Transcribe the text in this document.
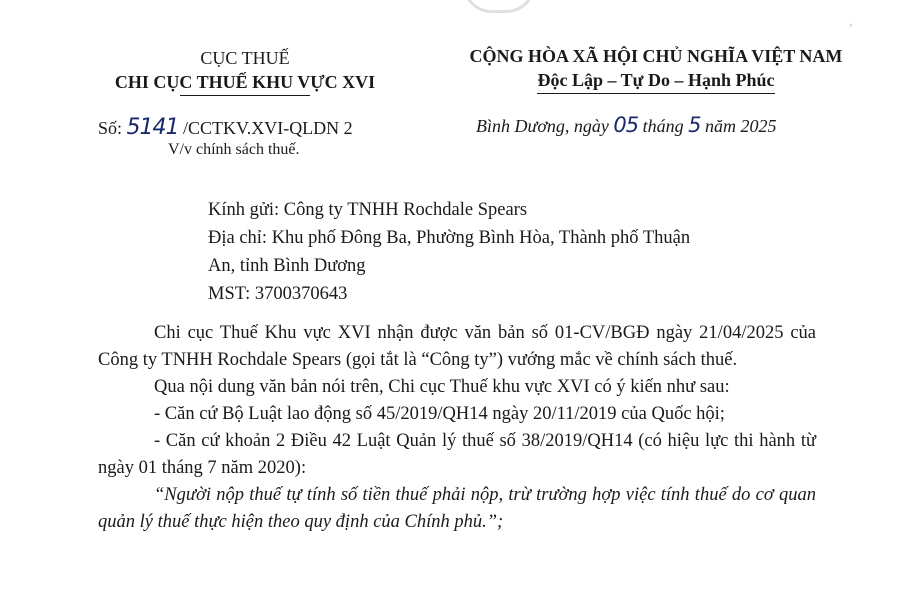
‚
CỤC THUẾ
CHI CỤC THUẾ KHU VỰC XVI
CỘNG HÒA XÃ HỘI CHỦ NGHĨA VIỆT NAM
Độc Lập – Tự Do – Hạnh Phúc
Số: 5141 /CCTKV.XVI-QLDN 2
V/v chính sách thuế.
Bình Dương, ngày 05 tháng 5 năm 2025
Kính gửi: Công ty TNHH Rochdale Spears
Địa chỉ: Khu phố Đông Ba, Phường Bình Hòa, Thành phố Thuận
An, tỉnh Bình Dương
MST: 3700370643

Chi cục Thuế Khu vực XVI nhận được văn bản số 01-CV/BGĐ ngày 21/04/2025 của Công ty TNHH Rochdale Spears (gọi tắt là “Công ty”) vướng mắc về chính sách thuế.

Qua nội dung văn bản nói trên, Chi cục Thuế khu vực XVI có ý kiến như sau:

- Căn cứ Bộ Luật lao động số 45/2019/QH14 ngày 20/11/2019 của Quốc hội;

- Căn cứ khoản 2 Điều 42 Luật Quản lý thuế số 38/2019/QH14 (có hiệu lực thi hành từ ngày 01 tháng 7 năm 2020):

“Người nộp thuế tự tính số tiền thuế phải nộp, trừ trường hợp việc tính thuế do cơ quan quản lý thuế thực hiện theo quy định của Chính phủ.”;
